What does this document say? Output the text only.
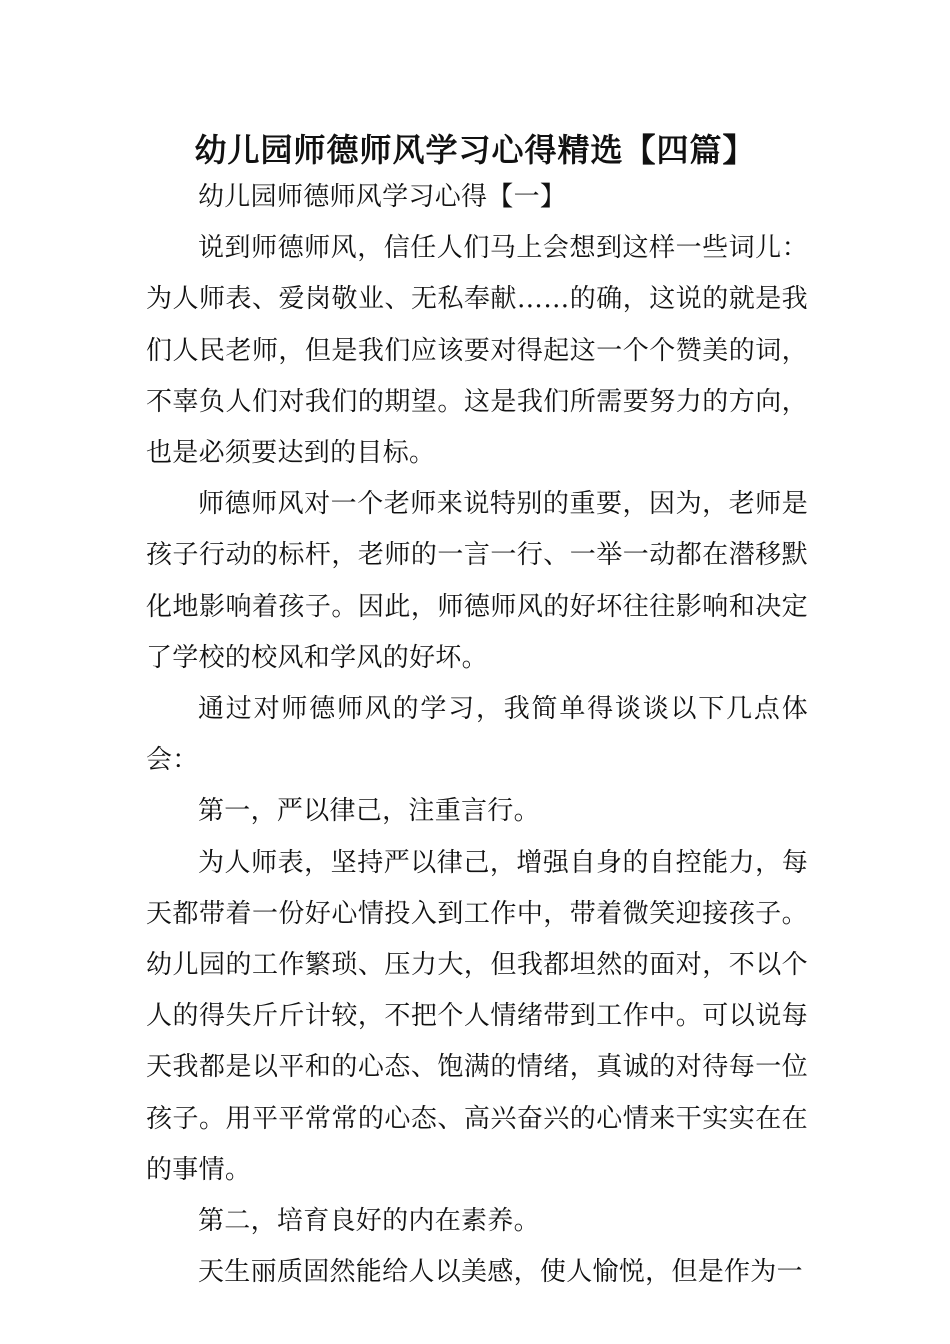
幼儿园师德师风学习心得精选【四篇】

幼儿园师德师风学习心得【一】

说到师德师风，信任人们马上会想到这样一些词儿：为人师表、爱岗敬业、无私奉献……的确，这说的就是我们人民老师，但是我们应该要对得起这一个个赞美的词，不辜负人们对我们的期望。这是我们所需要努力的方向，也是必须要达到的目标。

师德师风对一个老师来说特别的重要，因为，老师是孩子行动的标杆，老师的一言一行、一举一动都在潜移默化地影响着孩子。因此，师德师风的好坏往往影响和决定了学校的校风和学风的好坏。

通过对师德师风的学习，我简单得谈谈以下几点体会：

第一，严以律己，注重言行。

为人师表，坚持严以律己，增强自身的自控能力，每天都带着一份好心情投入到工作中，带着微笑迎接孩子。幼儿园的工作繁琐、压力大，但我都坦然的面对，不以个人的得失斤斤计较，不把个人情绪带到工作中。可以说每天我都是以平和的心态、饱满的情绪，真诚的对待每一位孩子。用平平常常的心态、高兴奋兴的心情来干实实在在的事情。

第二，培育良好的内在素养。

天生丽质固然能给人以美感，使人愉悦，但是作为一
